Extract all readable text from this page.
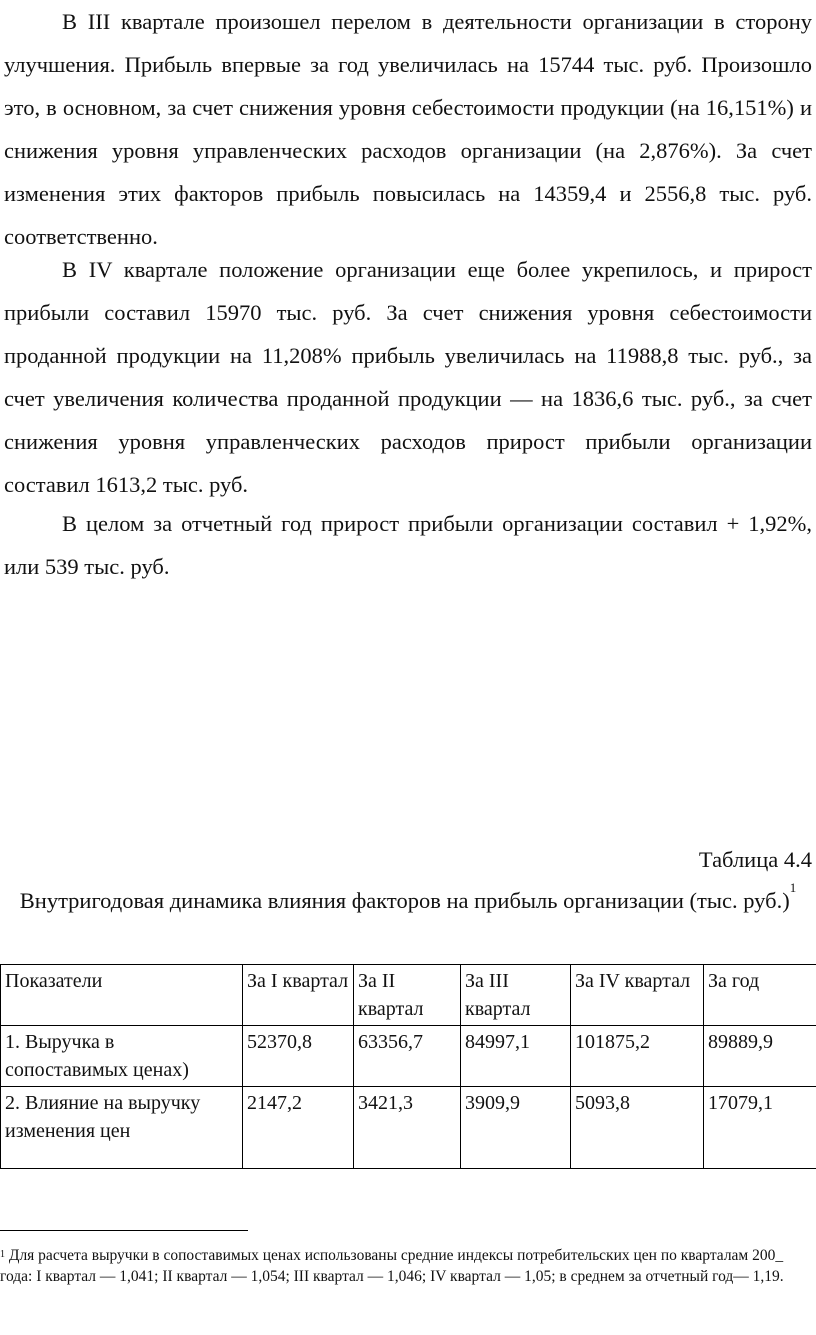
В III квартале произошел перелом в деятельности организации в сторону улучшения. Прибыль впервые за год увеличилась на 15744 тыс. руб. Произошло это, в основном, за счет снижения уровня себестоимости продукции (на 16,151%) и снижения уровня управленческих расходов организации (на 2,876%). За счет изменения этих факторов прибыль повысилась на 14359,4 и 2556,8 тыс. руб. соответственно.

В IV квартале положение организации еще более укрепилось, и прирост прибыли составил 15970 тыс. руб. За счет снижения уровня себестоимости проданной продукции на 11,208% прибыль увеличилась на 11988,8 тыс. руб., за счет увеличения количества проданной продукции — на 1836,6 тыс. руб., за счет снижения уровня управленческих расходов прирост прибыли организации составил 1613,2 тыс. руб.

В целом за отчетный год прирост прибыли организации составил + 1,92%, или 539 тыс. руб.

Таблица 4.4

Внутригодовая динамика влияния факторов на прибыль организации (тыс. руб.)$^1$

Показатели	За I квартал	За II квартал	За III квартал	За IV квартал	За год
1. Выручка в сопоставимых ценах)	52370,8	63356,7	84997,1	101875,2	89889,9
2. Влияние на выручку изменения цен	2147,2	3421,3	3909,9	5093,8	17079,1

$^1$ Для расчета выручки в сопоставимых ценах использованы средние индексы потребительских цен по кварталам 200_ года: I квартал — 1,041; II квартал — 1,054; III квартал — 1,046; IV квартал — 1,05; в среднем за отчетный год— 1,19.
